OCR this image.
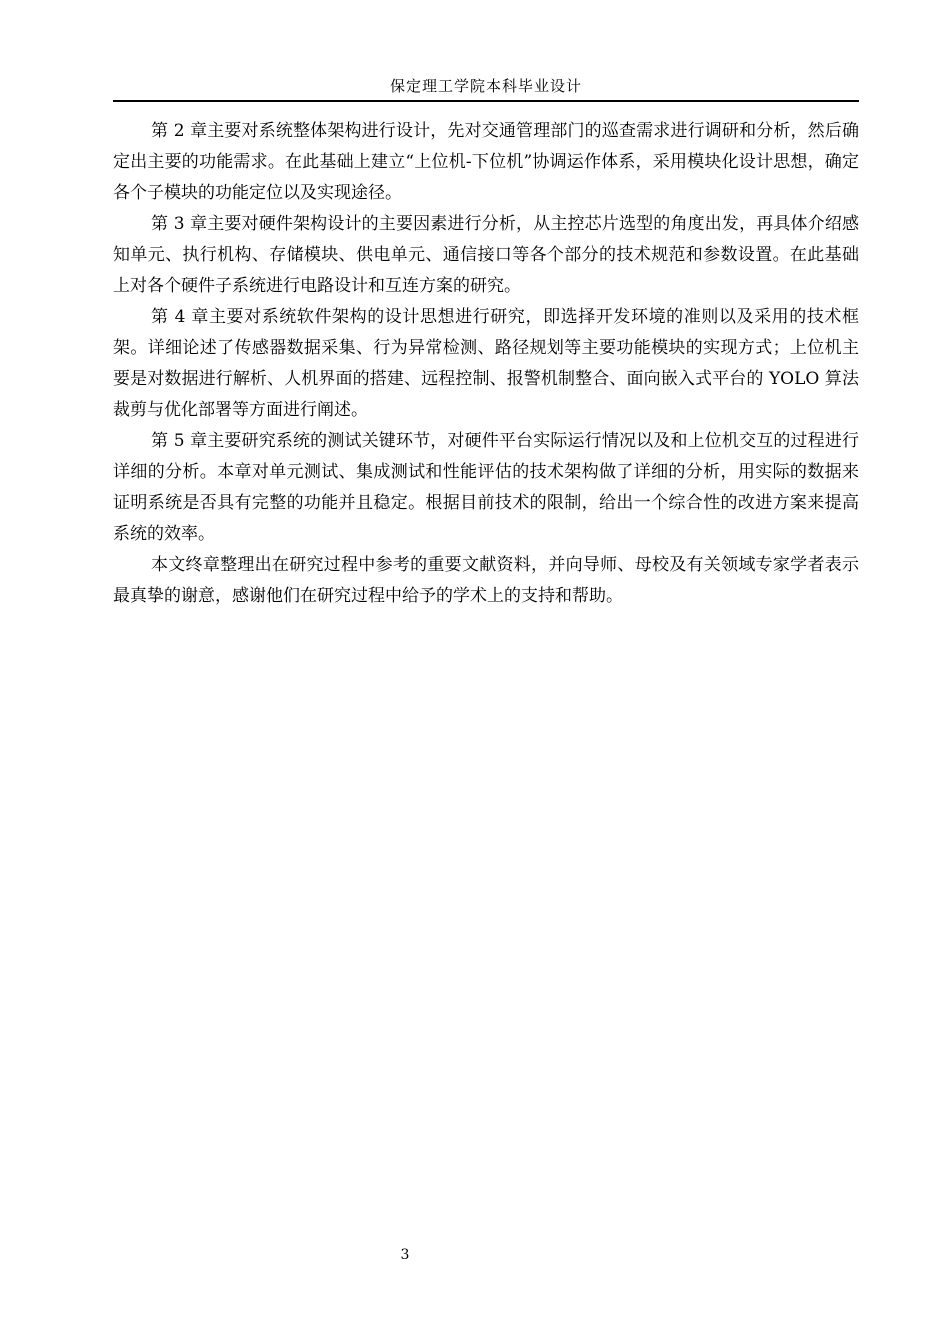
保定理工学院本科毕业设计

第 2 章主要对系统整体架构进行设计，先对交通管理部门的巡查需求进行调研和分析，然后确定出主要的功能需求。在此基础上建立“上位机-下位机”协调运作体系，采用模块化设计思想，确定各个子模块的功能定位以及实现途径。

第 3 章主要对硬件架构设计的主要因素进行分析，从主控芯片选型的角度出发，再具体介绍感知单元、执行机构、存储模块、供电单元、通信接口等各个部分的技术规范和参数设置。在此基础上对各个硬件子系统进行电路设计和互连方案的研究。

第 4 章主要对系统软件架构的设计思想进行研究，即选择开发环境的准则以及采用的技术框架。详细论述了传感器数据采集、行为异常检测、路径规划等主要功能模块的实现方式；上位机主要是对数据进行解析、人机界面的搭建、远程控制、报警机制整合、面向嵌入式平台的 YOLO 算法裁剪与优化部署等方面进行阐述。

第 5 章主要研究系统的测试关键环节，对硬件平台实际运行情况以及和上位机交互的过程进行详细的分析。本章对单元测试、集成测试和性能评估的技术架构做了详细的分析，用实际的数据来证明系统是否具有完整的功能并且稳定。根据目前技术的限制，给出一个综合性的改进方案来提高系统的效率。

本文终章整理出在研究过程中参考的重要文献资料，并向导师、母校及有关领域专家学者表示最真挚的谢意，感谢他们在研究过程中给予的学术上的支持和帮助。

3
